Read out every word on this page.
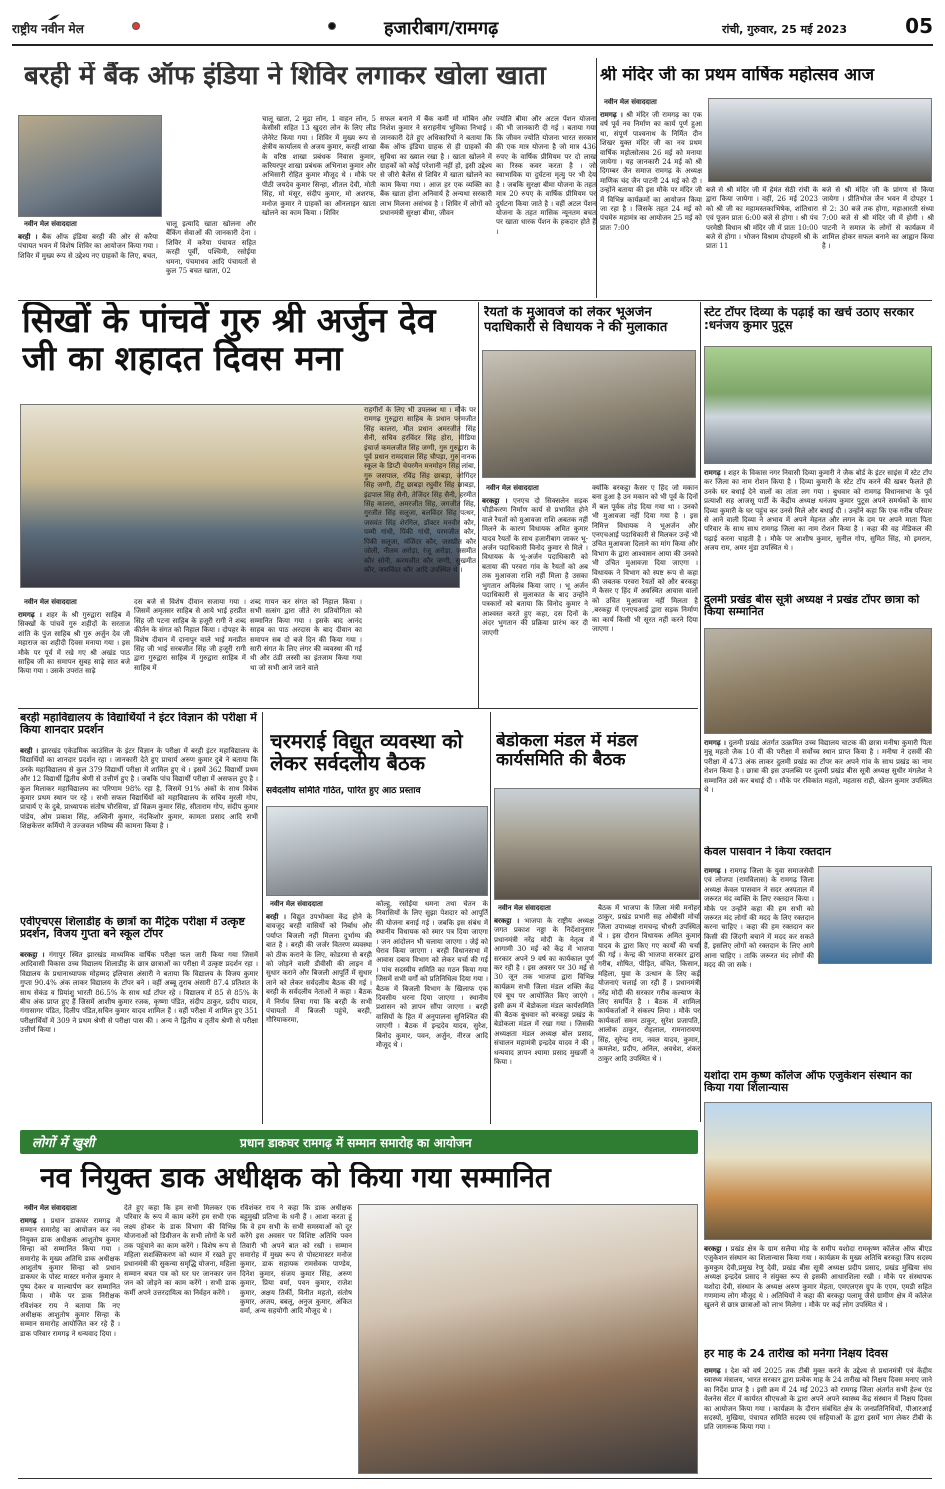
राष्ट्रीय नवीन मेल	हजारीबाग/रामगढ़	रांची, गुरुवार, 25 मई 2023	05
बरही में बैंक ऑफ इंडिया ने शिविर लगाकर खोला खाता
नवीन मेल संवाददाता
बरही । बैंक ऑफ इंडिया बरही की ओर से करैया पंचायत भवन में विशेष शिविर का आयोजन किया गया । शिविर में मुख्य रूप से उद्देश्य नए ग्राहकों के लिए, बचत,
चालू इत्यादि खाता खोलना और बैंकिंग सेवाओं की जानकारी देना । शिविर में करैया पंचायत सहित करही पूर्वी, पश्चिमी, रसोईया धमना, पंचमाधव आदि पंचायतों से कुल 75 बचत खाता, 02
चालू खाता, 2 मुद्रा लोन, 1 वाहन लोन, 5 केसीसी सहित 13 खुदरा लोन के लिए लीड जेनेरेट किया गया । शिविर में मुख्य रूप से क्षेत्रीय कार्यालय से अजय कुमार, करही शाखा के वरिष्ठ शाखा प्रबंधक निवास कुमार, करियरपुर शाखा प्रबंधक अभिनाश कुमार और अभिसारी रोहित कुमार मौजूद थे । मौके पर पीठी जयदेव कुमार सिन्हा, शीतल देवी, मोती सिंह, मो मंसूर, संदीप कुमार, मो अशरफ, मनोज कुमार ने ग्राहकों का ऑनलाइन खाता खोलने का काम किया । शिविर
सफल बनाने में बैंक कर्मी मो मोबिन और निशेश कुमार ने सराहनीय भूमिका निभाई । जानकारी देते हुए अधिकारियों ने बताया कि बैंक ऑफ इंडिया ग्राहक से ही ग्राहकों की सुविधा का ख्याल रखा है । खाता खोलने में ग्राहकों को कोई परेशानी नहीं हो, इसी उद्देश्य से जीरो बैलेंस से शिविर में खाता खोलने का काम किया गया । आज हर एक व्यक्ति का बैंक खाता होना अनिवार्य है अन्यथा सरकारी लाभ मिलना असंभव है । शिविर में लोगों को प्रधानमंत्री सुरक्षा बीमा, जीवन
ज्योति बीमा और अटल पेंशन योजना की भी जानकारी दी गई । बताया गया कि जीवन ज्योति योजना भारत सरकार की एक मात्र योजना है जो मात्र 436 रुपए के वार्षिक प्रीमियम पर दो लाख का रिस्क कवर करता है । जो स्वाभाविक या दुर्घटना मृत्यु पर भी देय है । जबकि सुरक्षा बीमा योजना के तहत मात्र 20 रुपए के वार्षिक प्रीमियम पर दुर्घटना किया जाते है । वहीं अटल पेंशन योजना के तहत मासिक न्यूनतम बचत पर खाता धारक पेंशन के हकदार होते हैं ।
श्री मंदिर जी का प्रथम वार्षिक महोत्सव आज
नवीन मेल संवाददाता
रामगढ़ । श्री मंदिर जी रामगढ़ का एक वर्ष पूर्व नव निर्माण का कार्य पूर्ण हुआ था, संपूर्ण पाश्वनाथ के निर्मित दीन शिखर युक्त मंदिर जी का नव प्रथम वार्षिक महोत्सोत्सव 26 मई को मनाया जायेगा । यह जानकारी 24 मई को श्री दिगम्बर जैन समाज रामगढ़ के अध्यक्ष माणिक चंद जैन पाटनी 24 मई को दी । उन्होंने बताया की इस मौके पर मंदिर जी में विभिन्न कार्यक्रमों का आयोजन किया जा रहा है । जिसके तहत 24 मई को पंचमेरु महामंत्र का आयोजन 25 मई को प्रातः 7:00
बजे से श्री मंदिर जी में हेमंत सेठी रांची के द्वारा किया जायेगा । वहीं, 26 मई 2023 को श्री जी का महामस्तकाभिषेक, शांतिधारा एवं पूजन प्रातः 6:00 बजे से होगा । श्री पंच परमेष्ठी विधान श्री मंदिर जी में प्रातः 10:00 बजे से होगा । भोजन विश्राम दोपहरमें श्री के प्रातः 11
बजे से श्री मंदिर जी के प्रांगण से किया जायेगा । प्रीतिभोज जैन भवन में दोपहर 1 से 2: 30 बजे तक होगा, महाआरती संध्या 7:00 बजे से श्री मंदिर जी में होगी । श्री पाटनी ने समाज के लोगों से कार्यक्रम में शामिल होकर सफल बनाने का आह्वान किया है ।
सिखों के पांचवें गुरु श्री अर्जुन देव जी का शहादत दिवस मना
नवीन मेल संवाददाता
रामगढ़ । शहर के श्री गुरुद्वारा साहिब में सिक्खों के पांचवें गुरु शहीदों के सरताज शांति के पुंज साहिब श्री गुरु अर्जुन देव जी महाराज का शहीदी दिवस मनाया गया । इस मौके पर पूर्व में रखे गए श्री अखंड पाठ साहिब जी का समापन सुबह साढ़े सात बजे किया गया । उसके उपरांत साढ़े
दस बजे से विशेष दीवान सजाया गया । जिसमें अमृतसर साहिब से आये भाई हरप्रीत सिंह जी पटना साहिब के हजूरी रागी ने शब्द कीर्तन के संगत को निहाल किया । दोपहर के विशेष दीवान में दानापुर वाले भाई मनप्रीत सिंह जी भाई सरबजीत सिंह जी हजूरी रागी द्वारा गुरुद्वारा साहिब में गुरुद्वारा साहिब में साहिब में
शब्द गायन कर संगत को निहाल किया । सभी सत्संग द्वारा जीते रंग प्रतियोगिता को सम्मानित किया गया । इसके बाद आनंद साहब का पाठ अरदास के बाद दीवान का समापन सब दो बजे दिन की किया गया । सारी संगत के लिए लंगर की व्यवस्था की गई थी और ठंडी लस्सी का इंतजाम किया गया था जो सभी आने जाने वाले
राहगीरों के लिए भी उपलब्ध था । मौके पर रामगढ़ गुरुद्वारा साहिब के प्रधान परमजीत सिंह कालरा, मीत प्रधान अमरजीत सिंह सैनी, सचिव हरविंदर सिंह होरा, मीडिया इंचार्ज कमलजीत सिंह जग्गी, गुरु गुरुद्वारा के पूर्व प्रधान रामदयाल सिंह चौपड़ा, गुरु नानक स्कूल के डिप्टी चेयरमैन मनमोहन सिंह लांबा, गुरु जसपाल, रविंद्र सिंह छाबड़ा, जोगिंदर सिंह जग्गी, टीटू छाबड़ा रघुवीर सिंह छाबड़ा, इंद्रपाल सिंह सैनी, तेजिंदर सिंह सैनी, हरमीत सिंह कालरा, अमरजीत सिंह, जगजीत सिंह, गुरजीत सिंह सलूजा, बलविंदर सिंह पत्थर, जसवंत सिंह शेरगिल, डॉक्टर मनवीर कौर, पम्मी गांधी, पिंकी गांधी, परमजीत कौर, पिंकी सलूजा, मंजिंदर कौर, जसप्रीत कौर जोली, नीलम अरोड़ा, रंजू अरोड़ा, जसमीत कौर सोनी, करमजीत कौर जग्गी, सुखमीत कौर, जसविंदर कौर आदि उपस्थित थे ।
रैयतों के मुआवजे को लेकर भूअर्जन पदाधिकारी से विधायक ने की मुलाकात
नवीन मेल संवाददाता
बरकट्ठा । एनएच दो सिक्सलेन सड़क चौड़ीकरण निर्माण कार्य से प्रभावित होने वाले रैयतों को मुआवजा राशि अबतक नहीं मिलने के कारण विधायक अमित कुमार यादव रैयतों के साथ हजारीबाग जाकर भू-अर्जन पदाधिकारी विनोद कुमार से मिले । विधायक के भू-अर्जन पदाधिकारी को बताया की परवरा गांव के रैयतों को अब तक मुआवजा राशि नहीं मिला है उसका भुगतान अविलंब किया जाए । भू अर्जन पदाधिकारी से मुलाकात के बाद उन्होंने पत्रकारों को बताया कि विनोद कुमार ने आश्वस्त करते हुए कहा, दस दिनों के अंदर भुगतान की प्रक्रिया प्रारंभ कर दी जाएगी
क्योंकि बरकट्ठा कैसर ए हिंद जो मकान बना हुआ है उन मकान को भी पूर्व के दिनों में बल पूर्वक तोड़ दिया गया था । उनको भी मुआवजा नहीं दिया गया है । इस निमित्त विधायक ने भूअर्जन और एनएचआई पदाधिकारी से मिलकर उन्हें भी उचित मुआवजा दिलाने का मांग किया और विभाग के द्वारा आश्वासन आया की उनको भी उचित मुआवजा दिया जाएगा । विधायक ने विभाग को स्पष्ट रूप से कहा की जबतक परवरा रैयतों को और बरकट्ठा में कैसर ए हिंद में अवस्थित आवास वालों को उचित मुआवजा नहीं मिलता है ,बरकट्ठा में एनएचआई द्वारा सड़क निर्माण का कार्य किसी भी सूरत नहीं करने दिया जाएगा ।
स्टेट टॉपर दिव्या के पढ़ाई का खर्च उठाए सरकार :धनंजय कुमार पुटूस
रामगढ़ । शहर के विकास नगर निवासी दिव्या कुमारी ने जैक बोर्ड के इंटर साइंस में स्टेट टॉप कर जिला का नाम रोशन किया है । दिव्या कुमारी के स्टेट टॉप करने की खबर फैलते ही उनके घर बधाई देने वालों का तांता लग गया । बुधवार को रामगढ़ विधानसभा के पूर्व प्रत्याशी सह आजसू पार्टी के केंद्रीय अध्यक्ष धनंजय कुमार पुटूस अपने समर्थकों के साथ दिव्या कुमारी के घर पहुंच कर उनसे मिले और बधाई दी । उन्होंने कहा कि एक गरीब परिवार से आने वाली दिव्या ने अभाव में अपने मेहनत और लगन के दम पर अपने माता पिता परिवार के साथ साथ रामगढ़ जिला का नाम रोशन किया है । कहा की वह मेडिकल की पढ़ाई करना चाहती है । मौके पर आशीष कुमार, सुनील गोप, सुमित सिंह, मो इमरान, अजय राम, अमर मुंडा उपस्थित थे ।
दुलमी प्रखंड बीस सूत्री अध्यक्ष ने प्रखंड टॉपर छात्रा को किया सम्मानित
रामगढ़ । दुलमी प्रखंड अंतर्गत उत्क्रमित उच्च विद्यालय चाटक की छात्रा मनीषा कुमारी पिता मुन्नू महतो जैक 10 वीं की परीक्षा में सर्वोच्च स्थान प्राप्त किया है । मनीषा ने दसवीं की परीक्षा में 473 अंक लाकर दुलमी प्रखंड का टॉपर कर अपने गांव के साथ प्रखंड का नाम रोशन किया है । छात्रा की इस उपलब्धि पर दुलमी प्रखंड बीस सूत्री अध्यक्ष सुधीर मंगलेश ने सम्मानित उसे कर बधाई दी । मौके पर रविकांत महतो, महतास राही, खेतन कुमार उपस्थित थे ।
केवल पासवान ने किया रक्तदान
रामगढ़ । रामगढ़ जिला के युवा समाजसेवी एवं लोजपा (रामविलास) के रामगढ़ जिला अध्यक्ष केवल पासवान ने सदर अस्पताल में जरूरत मंद व्यक्ति के लिए रक्तदान किया । मौके पर उन्होंने कहा की हम सभी को जरूरत मंद लोगों की मदद के लिए रक्तदान करना चाहिए । कहा की हम रक्तदान कर किसी की जिंदगी बचाने में मदद कर सकते हैं, इसलिए लोगों को रक्तदान के लिए आगे आना चाहिए । ताकि जरूरत मंद लोगों की मदद की जा सके ।
बरही महाविद्यालय के विद्यार्थियों ने इंटर विज्ञान की परीक्षा में किया शानदार प्रदर्शन
बरही । झारखंड एकेडमिक काउंसिल के इंटर विज्ञान के परीक्षा में बरही इंटर महाविद्यालय के विद्यार्थियों का शानदार प्रदर्शन रहा । जानकारी देते हुए प्राचार्य अरुण कुमार दुबे ने बताया कि उनके महाविद्यालय से कुल 379 विद्यार्थी परीक्षा में शामिल हुए थे । इसमें 362 विद्यार्थी प्रथम और 12 विद्यार्थी द्वितीय श्रेणी से उत्तीर्ण हुए है । जबकि पांच विद्यार्थी परीक्षा में असफल हुए है । कुल मिलाकर महाविद्यालय का परिणाम 98% रहा है, जिसमें 91% अंकों के साथ विवेक कुमार प्रथम स्थान पर रहे । सभी सफल विद्यार्थियों को महाविद्यालय के सचिव मुरली गोप, प्राचार्य ए के दुबे, प्राध्यापक संतोष चौरसिया, डॉ विक्रम कुमार सिंह, सीताराम गोप, संदीप कुमार पांडेय, ओम प्रकाश सिंह, अश्विनी कुमार, नंदकिशोर कुमार, कामता प्रसाद आदि सभी शिक्षकेत्तर कर्मियों ने उज्जवल भविष्य की कामना किया है ।
एवीएचएस शिलाडीह के छात्रों का मैट्रिक परीक्षा में उत्कृष्ट प्रदर्शन, विजय गुप्ता बने स्कूल टॉपर
बरकट्ठा । गंगापुर स्थित झारखंड माध्यमिक वार्षिक परीक्षा फल जारी किया गया जिसमें आदिवासी विकास उच्च विद्यालय शिलाडीह के छात्र छात्राओं का परीक्षा में उत्कृष्ट प्रदर्शन रहा । विद्यालय के प्रधानाध्यापक मोहम्मद इलियास अंसारी ने बताया कि विद्यालय के विजय कुमार गुप्ता 90.4% अंक लाकर विद्यालय के टॉपर बने । वहीं अब्बू तुराब अंसारी 87.4 प्रतिशत के साथ सेकंड व प्रियांशु भारती 86.5% के साथ थर्ड टॉपर रहे । विद्यालय में 85 से 85% के बीच अंक प्राप्त हुए हैं जिसमें आशीष कुमार रजक, कृष्णा पंडित, संदीप ठाकुर, प्रदीप यादव, गंगासागर पंडित, दिलीप पंडित,सचिन कुमार यादव शामिल हैं । वहीं परीक्षा में शामिल हुए 351 परीक्षार्थियों में 309 ने प्रथम श्रेणी से परीक्षा पास की । अन्य ने द्वितीय व तृतीय श्रेणी से परीक्षा उत्तीर्ण किया ।
चरमराई विद्युत व्यवस्था को लेकर सर्वदलीय बैठक
सर्वदलीय समिति गठित, पारित हुए आठ प्रस्ताव
नवीन मेल संवाददाता
बरही । विद्युत उपभोक्ता केंद्र होने के बावजूद बरही वासियों को निर्बाध और पर्याप्त बिजली नहीं मिलना दुर्भाग्य की बात है । बरही की जर्जर वितरण व्यवस्था को ठीक कराने के लिए, कोडरमा से बरही को जोड़ने वाली डीवीसी की लाइन में सुधार कराने और बिजली आपूर्ति में सुधार लाने को लेकर सर्वदलीय बैठक की गई । बरही के सर्वदलीय नेताओं ने कहा । बैठक में निर्णय लिया गया कि बरही के सभी पंचायतों में बिजली पहुंचे, बरही, गौरियाकरमा,
कोल्हु, रसोईया धमना तथा चेतन के निवासियों के लिए सुझा पेशदार को आपूर्ति की योजना बनाई गई । जबकि इस संबंध में स्थानीय विधायक को स्मार पत्र दिया जाएगा । जन आंदोलन भी चलाया जाएगा । जेई को घेराव किया जाएगा । बरही विधानसभा में आवास दबाव विभाग को लेकर चर्चा की गई । पांच सदस्यीय समिति का गठन किया गया जिसमें सभी वर्गों को प्रतिनिधित्व दिया गया । बैठक में बिजली विभाग के खिलाफ एक दिवसीय धरना दिया जाएगा । स्थानीय प्रशासन को ज्ञापन सौंपा जाएगा । बरही वासियों के हित में अनुपालना सुनिश्चित की जाएगी । बैठक में इन्द्रदेव यादव, सुरेश, बिनोद कुमार, पवन, अर्जुन, नीरज आदि मौजूद थे ।
बेडोकला मंडल में मंडल कार्यसमिति की बैठक
नवीन मेल संवाददाता
बरकट्ठा । भाजपा के राष्ट्रीय अध्यक्ष जगत प्रकाश नड्डा के निर्देशानुसार प्रधानमंत्री नरेंद्र मोदी के नेतृत्व में आगामी 30 मई को केंद्र में भाजपा सरकार अपने 9 वर्ष का कार्यकाल पूर्ण कर रही है । इस अवसर पर 30 मई से 30 जून तक भाजपा द्वारा विभिन्न कार्यक्रम सभी जिला मंडल शक्ति केंद्र एवं बूथ पर आयोजित किए जाएंगे । इसी क्रम में बेडोकला मंडल कार्यसमिति की बैठक बुधवार को बरकट्ठा प्रखंड के बेडोकला मंडल में रखा गया । जिसकी अध्यक्षता मंडल अध्यक्ष बोल प्रसाद, संचालन महामंत्री इन्द्रदेव यादव ने की । धन्यवाद ज्ञापन श्यामा प्रसाद मुखर्जी ने किया ।
बैठक में भाजपा के जिला मंत्री मनोहर ठाकुर, प्रखंड प्रभारी सह ओबीसी मोर्चा जिला उपाध्यक्ष रामचन्द्र चौधरी उपस्थित थे । इस दौरान विधायक अमित कुमार यादव के द्वारा किए गए कार्यों की चर्चा की गई । केन्द्र की भाजपा सरकार द्वारा गरीब, शोषित, पीड़ित, वंचित, किसान, महिला, युवा के उत्थान के लिए कई योजनाएं चलाई जा रही हैं । प्रधानमंत्री नरेंद्र मोदी की सरकार गरीब कल्याण के लिए समर्पित है । बैठक में शामिल कार्यकर्ताओं ने संकल्प लिया । मौके पर कार्यकर्ता समन ठाकुर, सुरेश प्रजापति, आलोक ठाकुर, रोहलाल, रामनारायण सिंह, सुरेन्द्र राम, नवल यादव, कुमार, कमलेश, प्रदीप, अनिल, अवधेश, शंकर ठाकुर आदि उपस्थित थे ।
यशोदा राम कृष्ण कॉलेज ऑफ एजुकेशन संस्थान का किया गया शिलान्यास
बरकट्ठा । प्रखंड क्षेत्र के ग्राम सलैया मोड़ के समीप यशोदा रामकृष्ण कॉलेज ऑफ बीएड एजुकेशन संस्थान का शिलान्यास किया गया । कार्यक्रम के मुख्य अतिथि बरकट्ठा जिप सदस्य कुमकुम देवी,प्रमुख रेणु देवी, प्रखंड बीस सूत्री अध्यक्ष प्रदीप प्रसाद, प्रखंड मुखिया संघ अध्यक्ष इन्द्रदेव प्रसाद ने संयुक्त रूप से इसकी आधारशिला रखी । मौके पर संस्थापक यशोदा देवी, संस्थान के अध्यक्ष अरुण कुमार मेहता, एमएलएस ग्रुप के एएम, एमडी सहित गणमान्य लोग मौजूद थे । अतिथियों ने कहा की बरकट्ठा पलामू जैसे ग्रामीण क्षेत्र में कॉलेज खुलने से छात्र छात्राओं को लाभ मिलेगा । मौके पर कई लोग उपस्थित थे ।
हर माह के 24 तारीख को मनेगा निक्षय दिवस
रामगढ़ । देश को वर्ष 2025 तक टीबी मुक्त करने के उद्देश्य से प्रधानमंत्री एवं केंद्रीय स्वास्थ्य मंत्रालय, भारत सरकार द्वारा प्रत्येक माह के 24 तारीख को निक्षय दिवस मनाए जाने का निर्देश प्राप्त है । इसी क्रम में 24 मई 2023 को रामगढ़ जिला अंतर्गत सभी हेल्थ एंड वेलनेस सेंटर में कार्यरत सीएचओ के द्वारा अपने अपने स्वास्थ्य केंद्र संस्थान में निक्षय दिवस का आयोजन किया गया । कार्यक्रम के दौरान संबंधित क्षेत्र के जनप्रतिनिधियों, पीआरआई सदस्यों, मुखिया, पंचायत समिति सदस्य एवं सहियाओं के द्वारा इसमें भाग लेकर टीबी के प्रति जागरूक किया गया ।
लोगों में खुशी	प्रधान डाकघर रामगढ़ में सम्मान समारोह का आयोजन
नव नियुक्त डाक अधीक्षक को किया गया सम्मानित
नवीन मेल संवाददाता
रामगढ़ । प्रधान डाकघर रामगढ़ में सम्मान समारोह का आयोजन कर नव नियुक्त डाक अधीक्षक आशुतोष कुमार सिन्हा को सम्मानित किया गया । समारोह के मुख्य अतिथि डाक अधीक्षक आशुतोष कुमार सिन्हा को प्रधान डाकघर के पोस्ट मास्टर मनोज कुमार ने पुष्प देकर व माल्यार्पण कर सम्मानित किया । मौके पर डाक निरीक्षक रविशंकर राय ने बताया कि नए अधीक्षक आशुतोष कुमार सिन्हा के सम्मान समारोह आयोजित कर रहे हैं । डाक परिवार रामगढ़ ने धन्यवाद दिया ।
देते हुए कहा कि हम सभी मिलकर एक परिवार के रूप में काम करेंगे हम सभी एक लक्ष्य होकर के डाक विभाग की विभिन्न योजनाओं को डिवीजन के सभी लोगों के घरों तक पहुंचाने का काम करेंगे । विशेष रूप से महिला सशक्तिकरण को ध्यान में रखते हुए प्रधानमंत्री की सुकन्या समृद्धि योजना, महिला सम्मान बचत पत्र को घर घर जानकार जन जन को जोड़ने का काम करेंगे । सभी डाक कर्मी अपने उत्तरदायित्व का निर्वहन करेंगे ।
रविशंकर राय ने कहा कि डाक अधीक्षक बहुमुखी प्रतिभा के धनी हैं । आशा करता हूं कि वे हम सभी के सभी समस्याओं को दूर करेंगे इस अवसर पर विशिष्ट अतिथि पवन तिवारी भी अपने बात को रखी । सम्मान समारोह में मुख्य रूप से पोस्टमास्टर मनोज कुमार, डाक सहायक रामसेवक पाण्डेय, दिनेश कुमार, संजय कुमार सिंह, अरुण कुमार, प्रिया वर्मा, पवन कुमार, राजेश कुमार, अक्षय तिर्की, विनीत महतो, संतोष कुमार, अजय, बबलू, अनुज कुमार, अंकित वर्मा, अन्य सहयोगी आदि मौजूद थे ।
